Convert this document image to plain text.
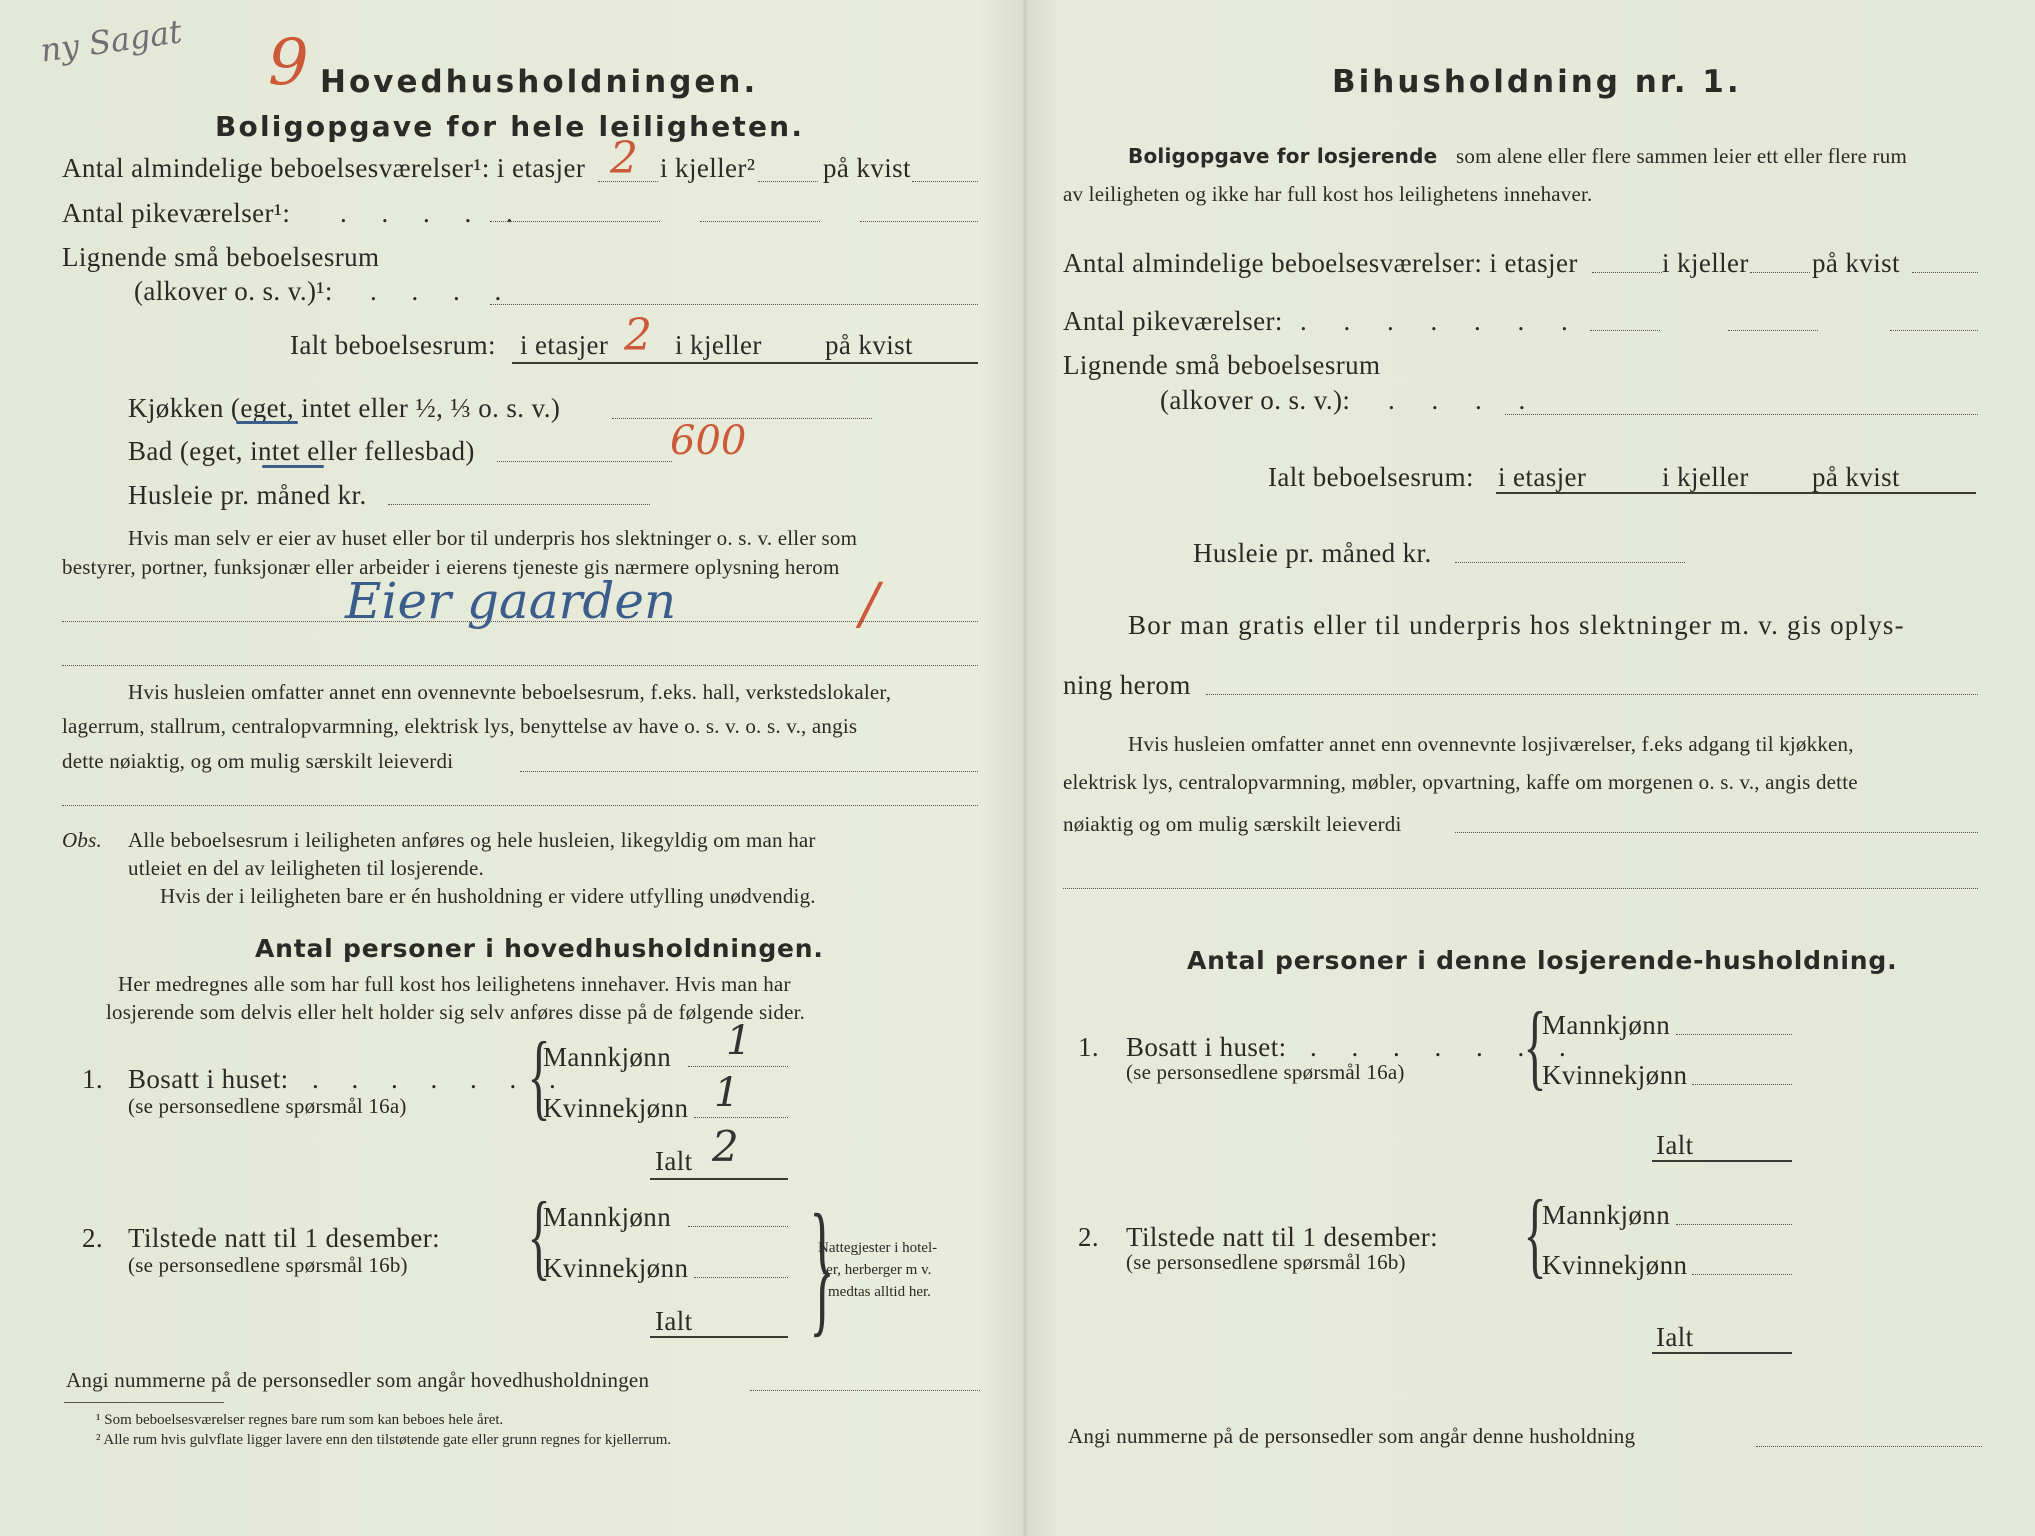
ny Sagat 9 Hovedhusholdningen.
Boligopgave for hele leiligheten.
Antal almindelige beboelsesværelser¹: i etasjer 2 i kjeller²	på kvist
Antal pikeværelser¹: . . . . .
Lignende små beboelsesrum
(alkover o. s. v.)¹: . . . .
Ialt beboelsesrum: i etasjer 2 i kjeller på kvist
Kjøkken (eget, intet eller ½, ⅓ o. s. v.)
Bad (eget, intet eller fellesbad)	600
Husleie pr. måned kr.
Hvis man selv er eier av huset eller bor til underpris hos slektninger o. s. v. eller som
bestyrer, portner, funksjonær eller arbeider i eierens tjeneste gis nærmere oplysning herom
Eier gaarden	/
Hvis husleien omfatter annet enn ovennevnte beboelsesrum, f.eks. hall, verkstedslokaler,
lagerrum, stallrum, centralopvarmning, elektrisk lys, benyttelse av have o. s. v. o. s. v., angis
dette nøiaktig, og om mulig særskilt leieverdi
Obs. Alle beboelsesrum i leiligheten anføres og hele husleien, likegyldig om man har
utleiet en del av leiligheten til losjerende.
Hvis der i leiligheten bare er én husholdning er videre utfylling unødvendig.
Antal personer i hovedhusholdningen.
Her medregnes alle som har full kost hos leilighetens innehaver. Hvis man har
losjerende som delvis eller helt holder sig selv anføres disse på de følgende sider.
1. Bosatt i huset: . . . . . . .
(se personsedlene spørsmål 16a) {
Mannkjønn 1
Kvinnekjønn 1
Ialt 2
2. Tilstede natt til 1 desember:
(se personsedlene spørsmål 16b) {
Mannkjønn
Kvinnekjønn
Ialt }
Nattegjester i hotel-
ler, herberger m v.
medtas alltid her.
Angi nummerne på de personsedler som angår hovedhusholdningen
¹ Som beboelsesværelser regnes bare rum som kan beboes hele året.
² Alle rum hvis gulvflate ligger lavere enn den tilstøtende gate eller grunn regnes for kjellerrum.
Bihusholdning nr. 1.
Boligopgave for losjerende som alene eller flere sammen leier ett eller flere rum
av leiligheten og ikke har full kost hos leilighetens innehaver.
Antal almindelige beboelsesværelser: i etasjer	i kjeller på kvist
Antal pikeværelser: . . . . . . .
Lignende små beboelsesrum
(alkover o. s. v.): . . . .
Ialt beboelsesrum: i etasjer	i kjeller på kvist
Husleie pr. måned kr.
Bor man gratis eller til underpris hos slektninger m. v. gis oplys-
ning herom
Hvis husleien omfatter annet enn ovennevnte losjiværelser, f.eks adgang til kjøkken,
elektrisk lys, centralopvarmning, møbler, opvartning, kaffe om morgenen o. s. v., angis dette
nøiaktig og om mulig særskilt leieverdi
Antal personer i denne losjerende-husholdning.
1. Bosatt i huset: . . . . . . .
(se personsedlene spørsmål 16a) {
Mannkjønn
Kvinnekjønn
Ialt
2. Tilstede natt til 1 desember:
(se personsedlene spørsmål 16b) {
Mannkjønn
Kvinnekjønn
Ialt
Angi nummerne på de personsedler som angår denne husholdning
